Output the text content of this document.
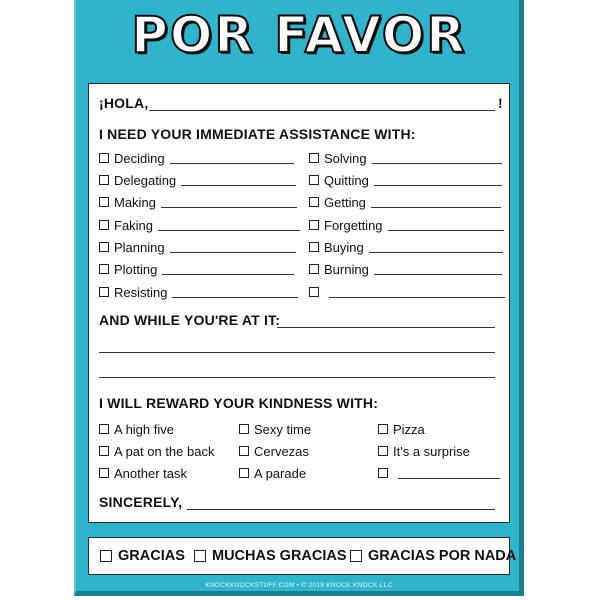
POR FAVOR
¡HOLA,	!
I NEED YOUR IMMEDIATE ASSISTANCE WITH:
Deciding
Delegating
Making
Faking
Planning
Plotting
Resisting
Solving
Quitting
Getting
Forgetting
Buying
Burning
AND WHILE YOU'RE AT IT:
I WILL REWARD YOUR KINDNESS WITH:
A high five
A pat on the back
Another task
Sexy time
Cervezas
A parade
Pizza
It's a surprise
SINCERELY,
GRACIAS MUCHAS GRACIAS GRACIAS POR NADA
KNOCKKNOCKSTUFF.COM • © 2019 KNOCK KNOCK LLC
